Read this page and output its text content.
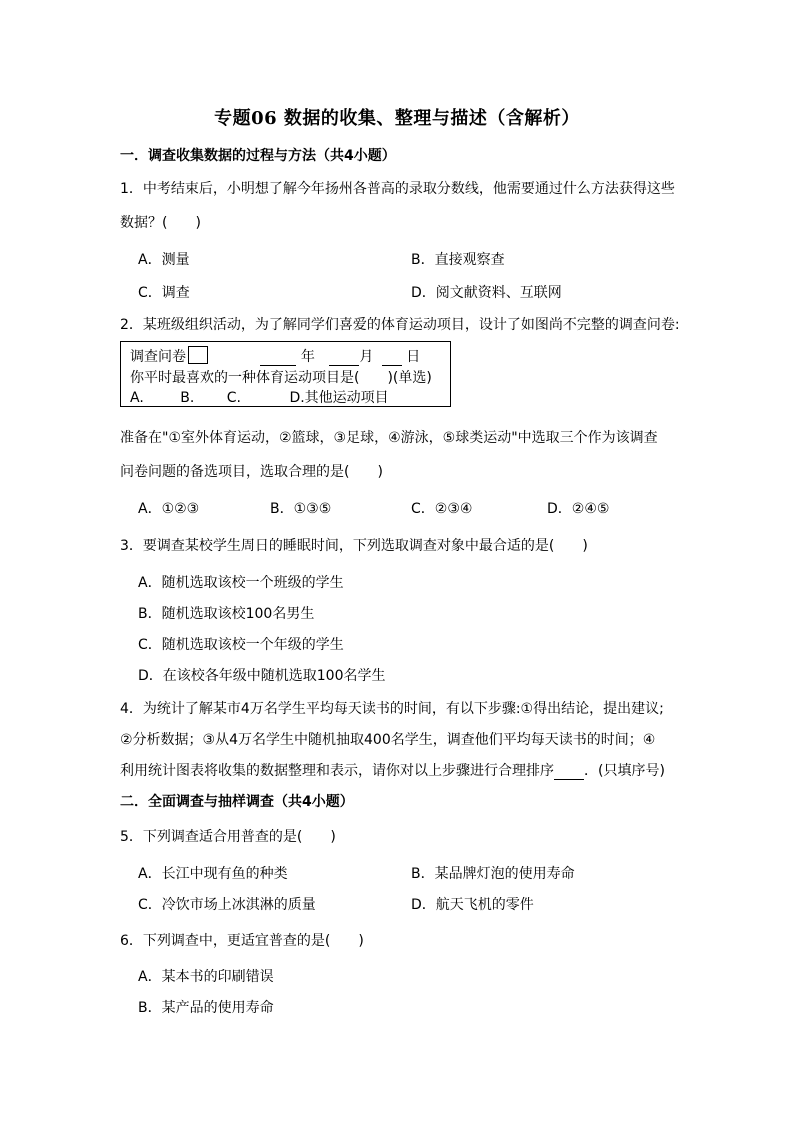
专题06 数据的收集、整理与描述（含解析）
一．调查收集数据的过程与方法（共4小题）
1．中考结束后，小明想了解今年扬州各普高的录取分数线，他需要通过什么方法获得这些
数据？(　　)
A．测量	B．直接观察查
C．调查	D．阅文献资料、互联网
2．某班级组织活动，为了解同学们喜爱的体育运动项目，设计了如图尚不完整的调查问卷:
调查问卷	年	月 日
你平时最喜欢的一种体育运动项目是( )(单选)
A.	B. C.	D.其他运动项目
准备在"①室外体育运动，②篮球，③足球，④游泳，⑤球类运动"中选取三个作为该调查
问卷问题的备选项目，选取合理的是(　　)
A．①②③	B．①③⑤	C．②③④	D．②④⑤
3．要调查某校学生周日的睡眠时间，下列选取调查对象中最合适的是(　　)
A．随机选取该校一个班级的学生
B．随机选取该校100名男生
C．随机选取该校一个年级的学生
D．在该校各年级中随机选取100名学生
4．为统计了解某市4万名学生平均每天读书的时间，有以下步骤:①得出结论，提出建议;
②分析数据；③从4万名学生中随机抽取400名学生，调查他们平均每天读书的时间；④
利用统计图表将收集的数据整理和表示，请你对以上步骤进行合理排序 ．(只填序号)
二．全面调查与抽样调查（共4小题）
5．下列调查适合用普查的是(　　)
A．长江中现有鱼的种类	B．某品牌灯泡的使用寿命
C．冷饮市场上冰淇淋的质量	D．航天飞机的零件
6．下列调查中，更适宜普查的是(　　)
A．某本书的印刷错误
B．某产品的使用寿命
